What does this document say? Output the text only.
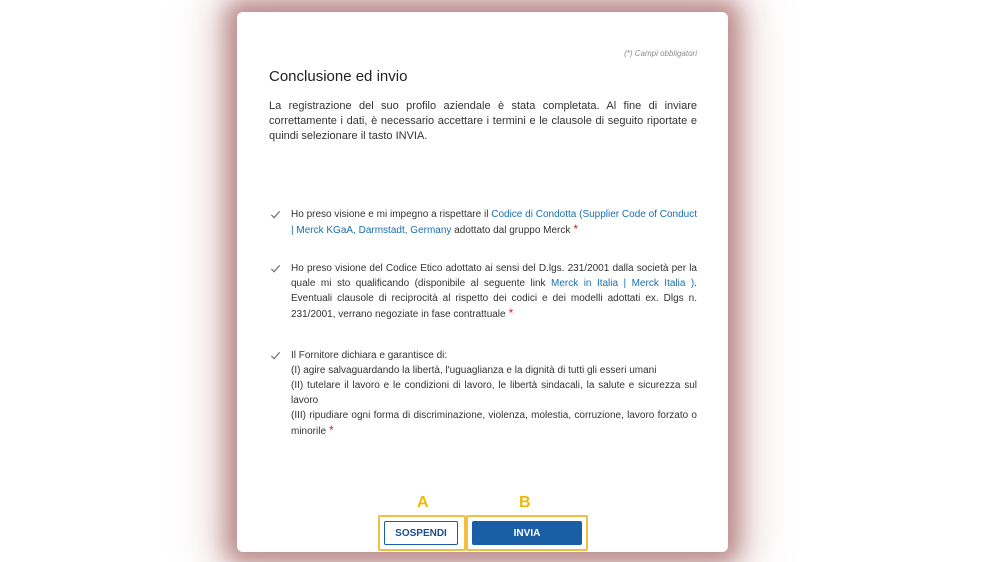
(*) Campi obbligatori
Conclusione ed invio

La registrazione del suo profilo aziendale è stata completata. Al fine di inviare correttamente i dati, è necessario accettare i termini e le clausole di seguito riportate e quindi selezionare il tasto INVIA.

Ho preso visione e mi impegno a rispettare il Codice di Condotta (Supplier Code of Conduct | Merck KGaA, Darmstadt, Germany adottato dal gruppo Merck *
Ho preso visione del Codice Etico adottato ai sensi del D.lgs. 231/2001 dalla società per la quale mi sto qualificando (disponibile al seguente link Merck in Italia | Merck Italia ). Eventuali clausole di reciprocità al rispetto dei codici e dei modelli adottati ex. Dlgs n. 231/2001, verrano negoziate in fase contrattuale *
Il Fornitore dichiara e garantisce di:
(I) agire salvaguardando la libertà, l'uguaglianza e la dignità di tutti gli esseri umani
(II) tutelare il lavoro e le condizioni di lavoro, le libertà sindacali, la salute e sicurezza sul lavoro
(III) ripudiare ogni forma di discriminazione, violenza, molestia, corruzione, lavoro forzato o minorile *
A	B
SOSPENDI	INVIA
